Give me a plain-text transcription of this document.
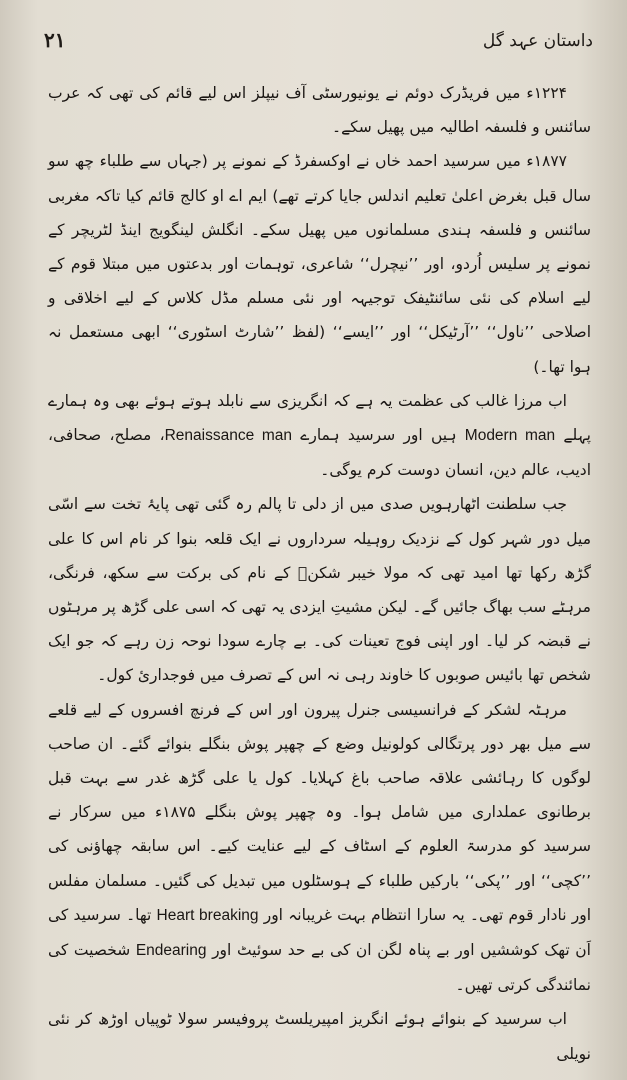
داستان عہد گل
۲۱

۱۲۲۴ء میں فریڈرک دوئم نے یونیورسٹی آف نیپلز اس لیے قائم کی تھی کہ عرب سائنس و فلسفہ اطالیہ میں پھیل سکے۔

۱۸۷۷ء میں سرسید احمد خاں نے اوکسفرڈ کے نمونے پر (جہاں سے طلباء چھ سو سال قبل بغرض اعلیٰ تعلیم اندلس جایا کرتے تھے) ایم اے او کالج قائم کیا تاکہ مغربی سائنس و فلسفہ ہندی مسلمانوں میں پھیل سکے۔ انگلش لینگویج اینڈ لٹریچر کے نمونے پر سلیس اُردو، اور ’’نیچرل‘‘ شاعری، توہمات اور بدعتوں میں مبتلا قوم کے لیے اسلام کی نئی سائنٹیفک توجیہہ اور نئی مسلم مڈل کلاس کے لیے اخلاقی و اصلاحی ’’ناول‘‘ ’’آرٹیکل‘‘ اور ’’ایسے‘‘ (لفظ ’’شارٹ اسٹوری‘‘ ابھی مستعمل نہ ہوا تھا۔)

اب مرزا غالب کی عظمت یہ ہے کہ انگریزی سے نابلد ہوتے ہوئے بھی وہ ہمارے پہلے Modern man ہیں اور سرسید ہمارے Renaissance man، مصلح، صحافی، ادیب، عالم دین، انسان دوست کرم یوگی۔

جب سلطنت اٹھارہویں صدی میں از دلی تا پالم رہ گئی تھی پایۂ تخت سے اسّی میل دور شہر کول کے نزدیک روہیلہ سرداروں نے ایک قلعہ بنوا کر نام اس کا علی گڑھ رکھا تھا امید تھی کہ مولا خیبر شکنؓ کے نام کی برکت سے سکھ، فرنگی، مرہٹے سب بھاگ جائیں گے۔ لیکن مشیتِ ایزدی یہ تھی کہ اسی علی گڑھ پر مرہٹوں نے قبضہ کر لیا۔ اور اپنی فوج تعینات کی۔ بے چارے سودا نوحہ زن رہے کہ جو ایک شخص تھا بائیس صوبوں کا خاوند رہی نہ اس کے تصرف میں فوجداریٔ کول۔

مرہٹہ لشکر کے فرانسیسی جنرل پیرون اور اس کے فرنچ افسروں کے لیے قلعے سے میل بھر دور پرتگالی کولونیل وضع کے چھپر پوش بنگلے بنوائے گئے۔ ان صاحب لوگوں کا رہائشی علاقہ صاحب باغ کہلایا۔ کول یا علی گڑھ غدر سے بہت قبل برطانوی عملداری میں شامل ہوا۔ وہ چھپر پوش بنگلے ۱۸۷۵ء میں سرکار نے سرسید کو مدرسۃ العلوم کے اسٹاف کے لیے عنایت کیے۔ اس سابقہ چھاؤنی کی ’’کچی‘‘ اور ’’پکی‘‘ بارکیں طلباء کے ہوسٹلوں میں تبدیل کی گئیں۔ مسلمان مفلس اور نادار قوم تھی۔ یہ سارا انتظام بہت غریبانہ اور Heart breaking تھا۔ سرسید کی اَن تھک کوششیں اور بے پناہ لگن ان کی بے حد سوئیٹ اور Endearing شخصیت کی نمائندگی کرتی تھیں۔

اب سرسید کے بنوائے ہوئے انگریز امپیریلسٹ پروفیسر سولا ٹوپیاں اوڑھ کر نئی نویلی
